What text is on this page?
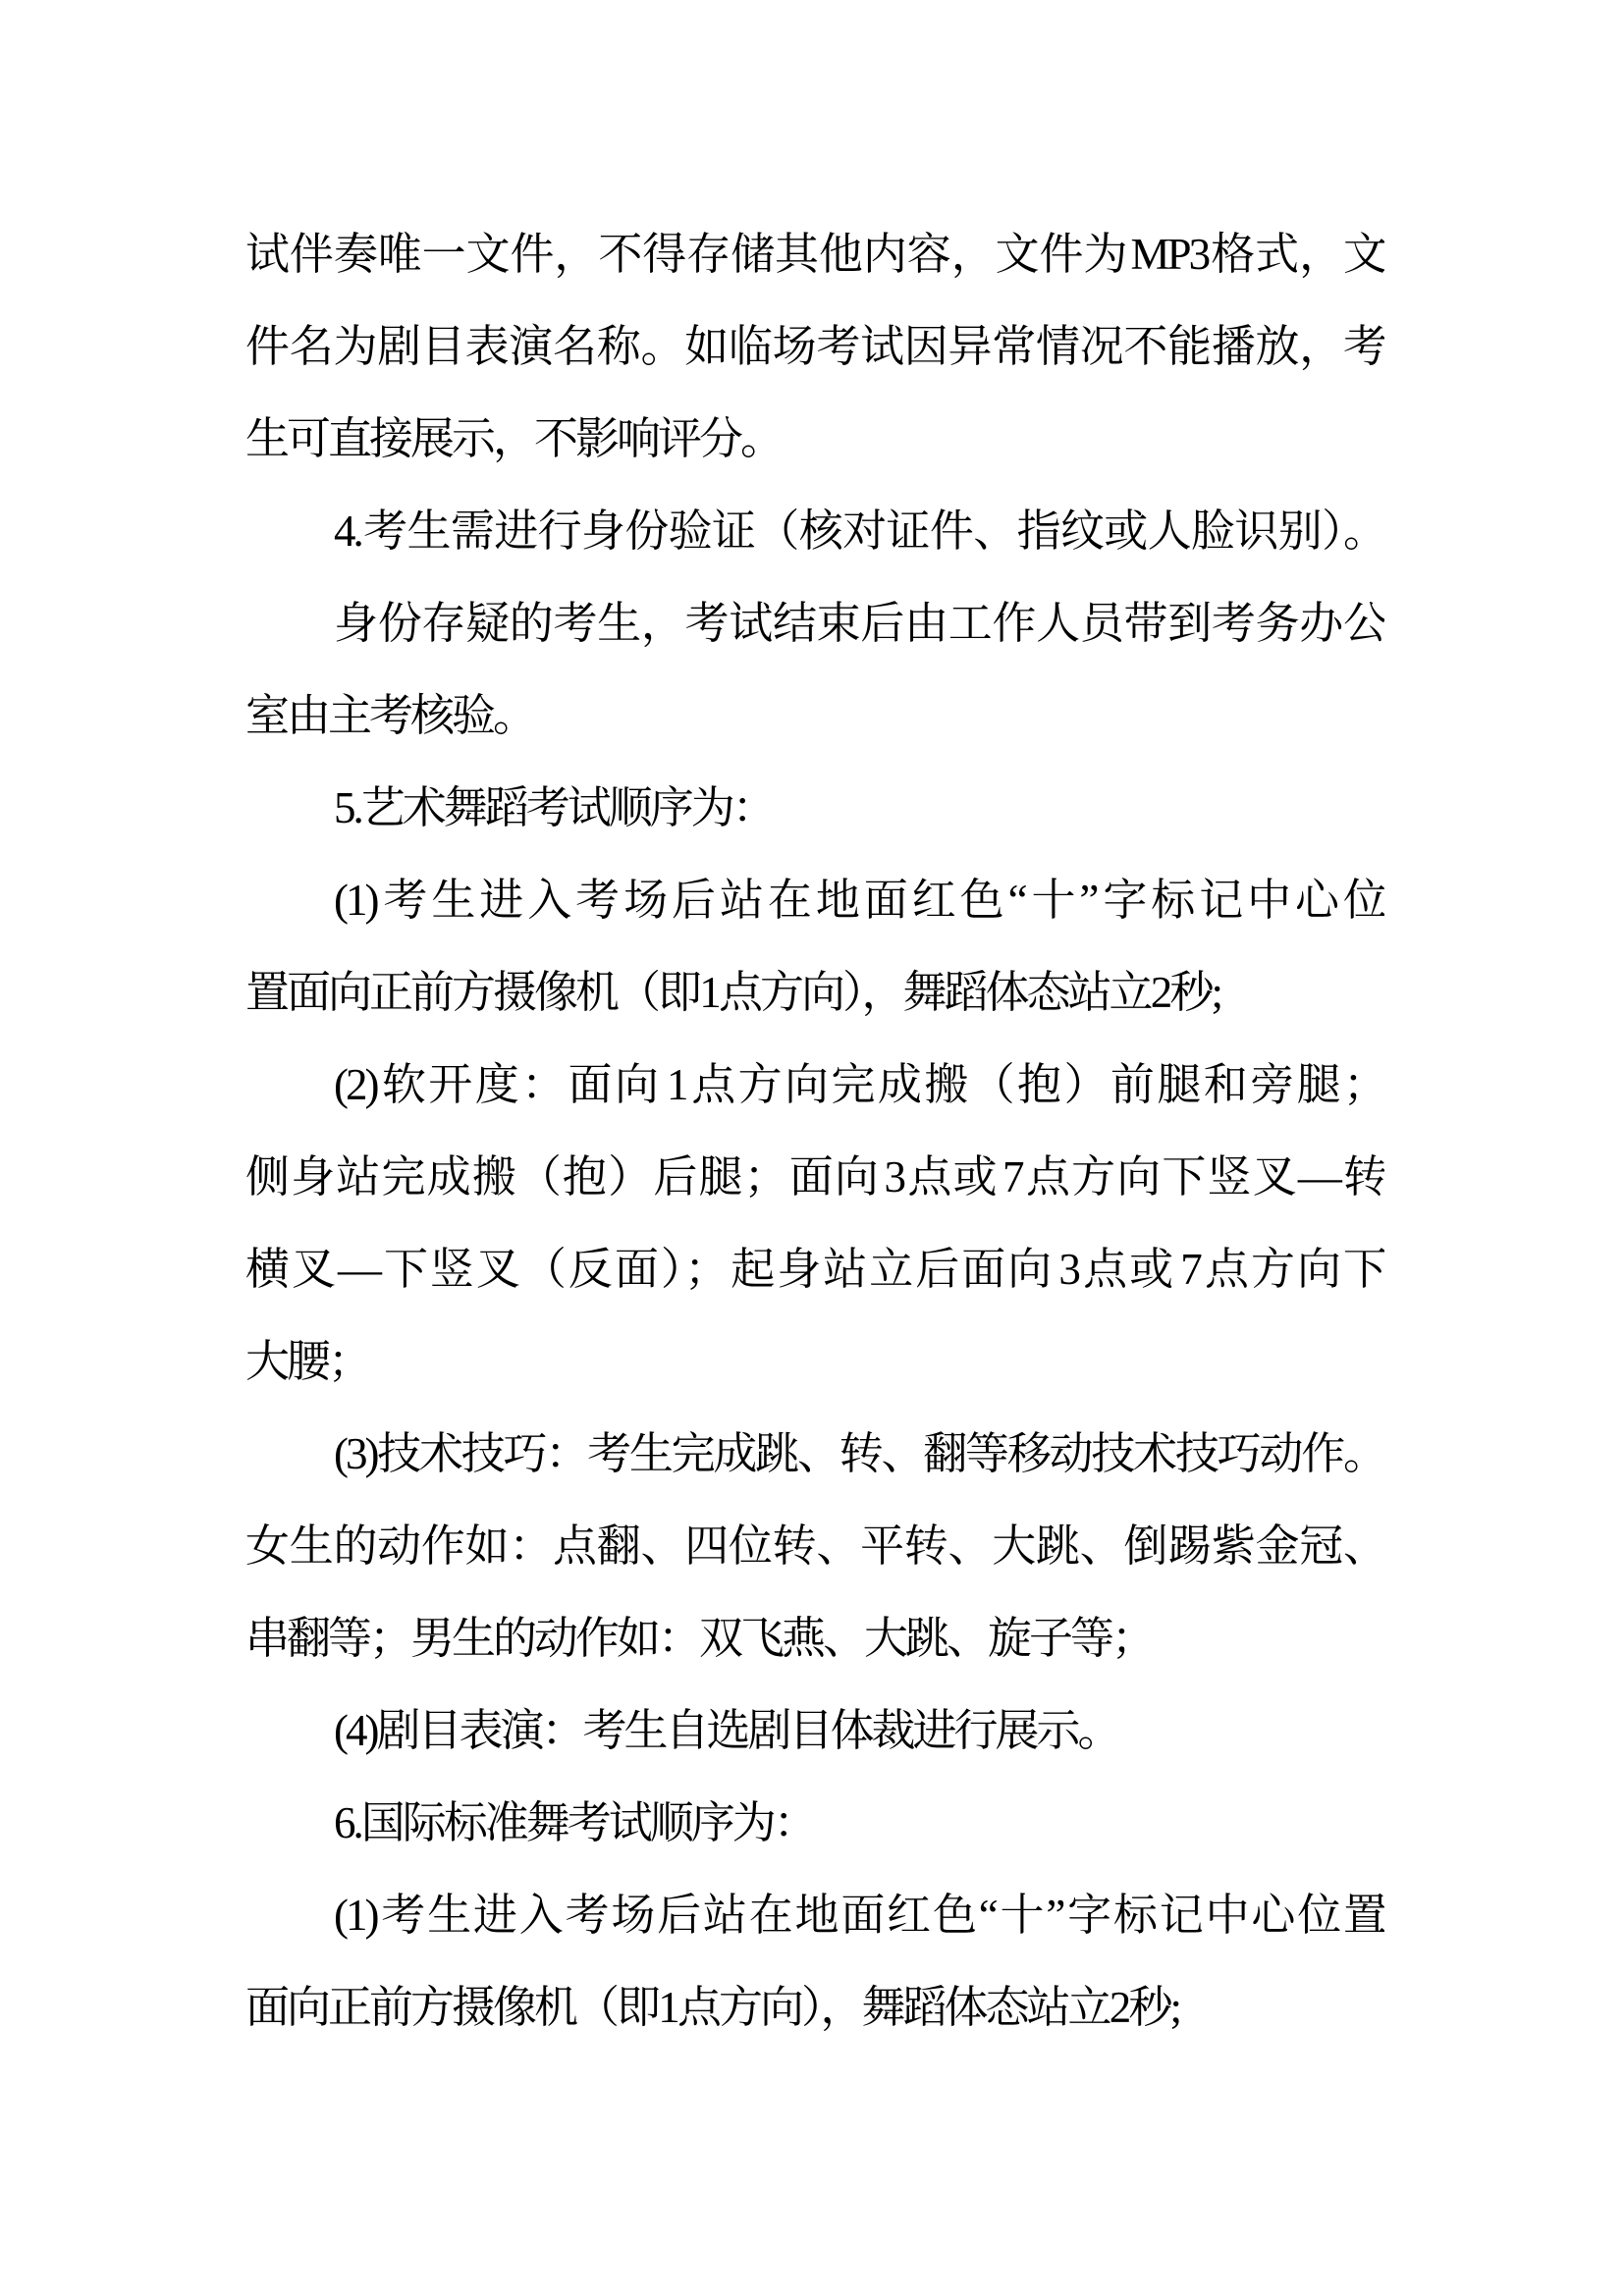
试伴奏唯一文件，不得存储其他内容，文件为 MP3 格式，文
件名为剧目表演名称。如临场考试因异常情况不能播放，考
生可直接展示，不影响评分。
4.考生需进行身份验证（核对证件、指纹或人脸识别）。
身份存疑的考生，考试结束后由工作人员带到考务办公
室由主考核验。
5.艺术舞蹈考试顺序为：
(1)考生进入考场后站在地面红色“十”字标记中心位
置面向正前方摄像机（即 1 点方向），舞蹈体态站立 2 秒;
(2)软开度：面向 1 点方向完成搬（抱）前腿和旁腿；
侧身站完成搬（抱）后腿；面向 3 点或 7 点方向下竖叉—转
横叉—下竖叉（反面）；起身站立后面向 3 点或 7 点方向下
大腰；
(3)技术技巧：考生完成跳、转、翻等移动技术技巧动作。
女生的动作如：点翻、四位转、平转、大跳、倒踢紫金冠、
串翻等；男生的动作如：双飞燕、大跳、旋子等；
(4)剧目表演：考生自选剧目体裁进行展示。
6.国际标准舞考试顺序为：
(1)考生进入考场后站在地面红色“十”字标记中心位置
面向正前方摄像机（即 1 点方向），舞蹈体态站立 2 秒;
